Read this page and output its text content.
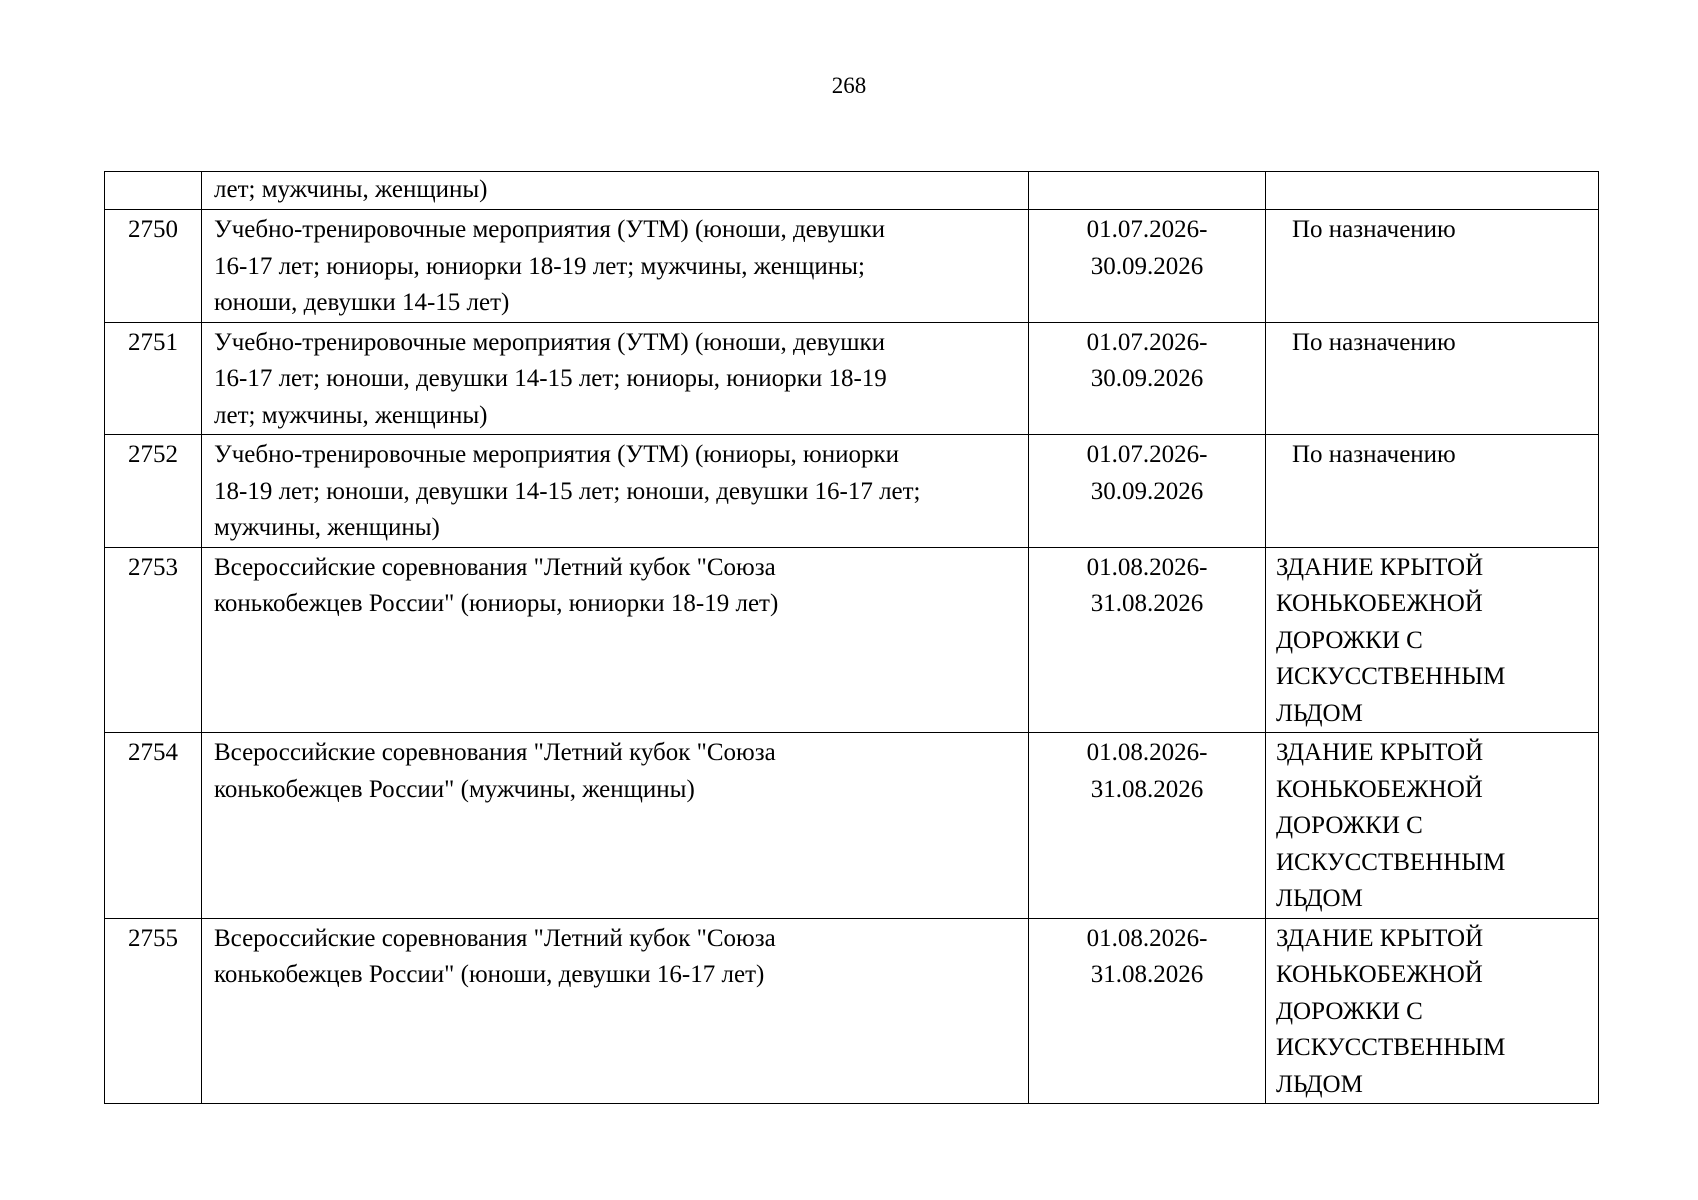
268

	лет; мужчины, женщины)		

2750	Учебно-тренировочные мероприятия (УТМ) (юноши, девушки
16-17 лет; юниоры, юниорки 18-19 лет; мужчины, женщины;
юноши, девушки 14-15 лет)	01.07.2026-
30.09.2026	По назначению

2751	Учебно-тренировочные мероприятия (УТМ) (юноши, девушки
16-17 лет; юноши, девушки 14-15 лет; юниоры, юниорки 18-19
лет; мужчины, женщины)	01.07.2026-
30.09.2026	По назначению

2752	Учебно-тренировочные мероприятия (УТМ) (юниоры, юниорки
18-19 лет; юноши, девушки 14-15 лет; юноши, девушки 16-17 лет;
мужчины, женщины)	01.07.2026-
30.09.2026	По назначению

2753	Всероссийские соревнования "Летний кубок "Союза
конькобежцев России" (юниоры, юниорки 18-19 лет)	01.08.2026-
31.08.2026	ЗДАНИЕ КРЫТОЙ
КОНЬКОБЕЖНОЙ
ДОРОЖКИ С
ИСКУССТВЕННЫМ
ЛЬДОМ

2754	Всероссийские соревнования "Летний кубок "Союза
конькобежцев России" (мужчины, женщины)	01.08.2026-
31.08.2026	ЗДАНИЕ КРЫТОЙ
КОНЬКОБЕЖНОЙ
ДОРОЖКИ С
ИСКУССТВЕННЫМ
ЛЬДОМ

2755	Всероссийские соревнования "Летний кубок "Союза
конькобежцев России" (юноши, девушки 16-17 лет)	01.08.2026-
31.08.2026	ЗДАНИЕ КРЫТОЙ
КОНЬКОБЕЖНОЙ
ДОРОЖКИ С
ИСКУССТВЕННЫМ
ЛЬДОМ
